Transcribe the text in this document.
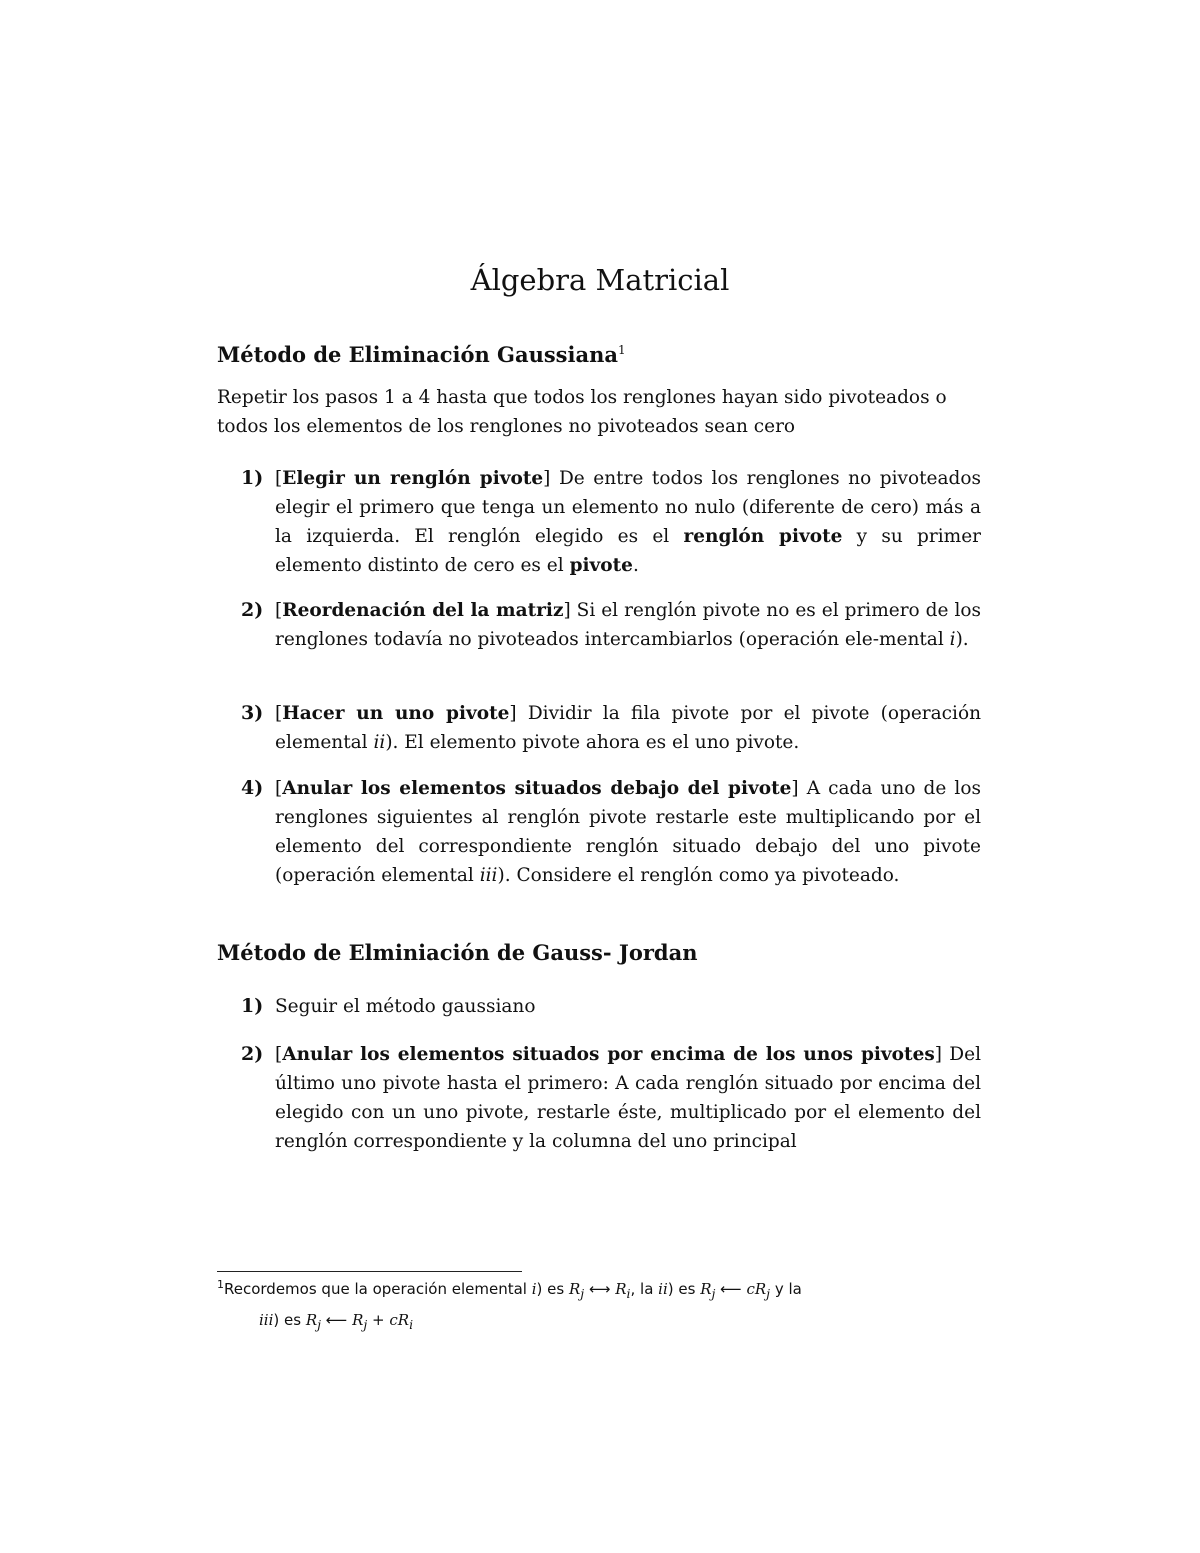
Álgebra Matricial
Método de Eliminación Gaussiana$^1$

Repetir los pasos 1 a 4 hasta que todos los renglones hayan sido pivoteados o todos los elementos de los renglones no pivoteados sean cero

1) [Elegir un renglón pivote] De entre todos los renglones no pivoteados elegir el primero que tenga un elemento no nulo (diferente de cero) más a la izquierda. El renglón elegido es el renglón pivote y su primer elemento distinto de cero es el pivote.
2) [Reordenación del la matriz] Si el renglón pivote no es el primero de los renglones todavía no pivoteados intercambiarlos (operación ele-mental i).
3) [Hacer un uno pivote] Dividir la fila pivote por el pivote (operación elemental ii). El elemento pivote ahora es el uno pivote.
4) [Anular los elementos situados debajo del pivote] A cada uno de los renglones siguientes al renglón pivote restarle este multiplicando por el elemento del correspondiente renglón situado debajo del uno pivote (operación elemental iii). Considere el renglón como ya pivoteado.
Método de Elminiación de Gauss- Jordan
1) Seguir el método gaussiano
2) [Anular los elementos situados por encima de los unos pivotes] Del último uno pivote hasta el primero: A cada renglón situado por encima del elegido con un uno pivote, restarle éste, multiplicado por el elemento del renglón correspondiente y la columna del uno principal
$^1$Recordemos que la operación elemental i) es $R_j$ ⟷ $R_i$, la ii) es $R_j$ ⟵ $cR_j$ y la
iii) es $R_j$ ⟵ $R_j + cR_i$
